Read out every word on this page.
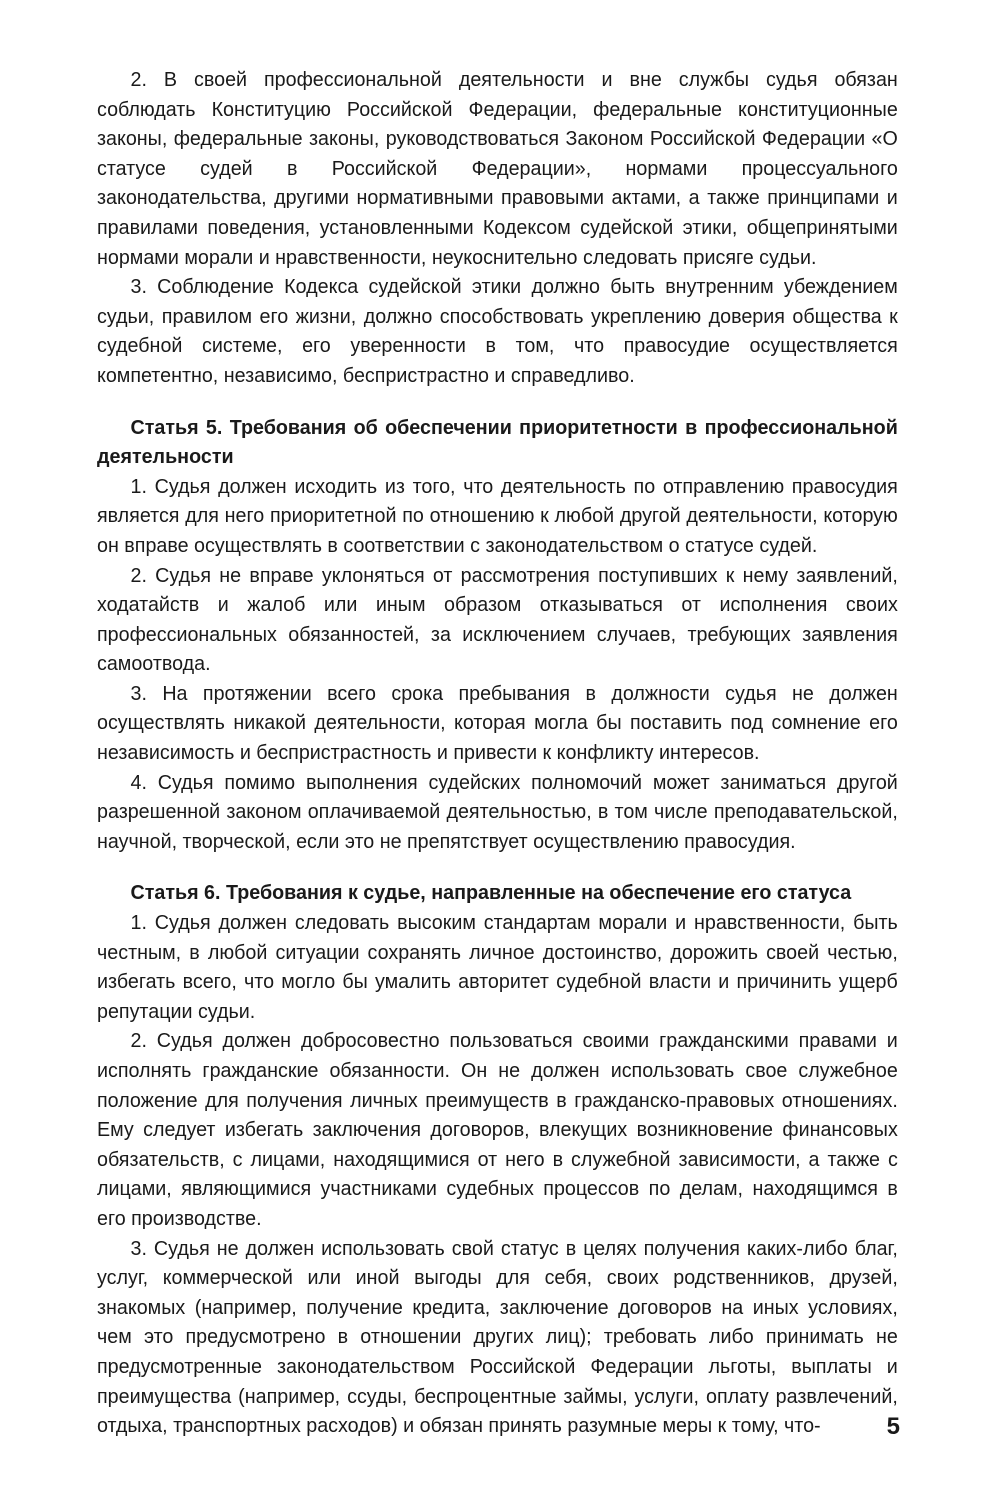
2. В своей профессиональной деятельности и вне службы судья обязан соблюдать Конституцию Российской Федерации, федеральные конституционные законы, федеральные законы, руководствоваться Законом Российской Федерации «О статусе судей в Российской Федерации», нормами процессуального законодательства, другими нормативными правовыми актами, а также принципами и правилами поведения, установленными Кодексом судейской этики, общепринятыми нормами морали и нравственности, неукоснительно следовать присяге судьи.

3. Соблюдение Кодекса судейской этики должно быть внутренним убеждением судьи, правилом его жизни, должно способствовать укреплению доверия общества к судебной системе, его уверенности в том, что правосудие осуществляется компетентно, независимо, беспристрастно и справедливо.

Статья 5. Требования об обеспечении приоритетности в профессиональной деятельности

1. Судья должен исходить из того, что деятельность по отправлению правосудия является для него приоритетной по отношению к любой другой деятельности, которую он вправе осуществлять в соответствии с законодательством о статусе судей.

2. Судья не вправе уклоняться от рассмотрения поступивших к нему заявлений, ходатайств и жалоб или иным образом отказываться от исполнения своих профессиональных обязанностей, за исключением случаев, требующих заявления самоотвода.

3. На протяжении всего срока пребывания в должности судья не должен осуществлять никакой деятельности, которая могла бы поставить под сомнение его независимость и беспристрастность и привести к конфликту интересов.

4. Судья помимо выполнения судейских полномочий может заниматься другой разрешенной законом оплачиваемой деятельностью, в том числе преподавательской, научной, творческой, если это не препятствует осуществлению правосудия.

Статья 6. Требования к судье, направленные на обеспечение его статуса

1. Судья должен следовать высоким стандартам морали и нравственности, быть честным, в любой ситуации сохранять личное достоинство, дорожить своей честью, избегать всего, что могло бы умалить авторитет судебной власти и причинить ущерб репутации судьи.

2. Судья должен добросовестно пользоваться своими гражданскими правами и исполнять гражданские обязанности. Он не должен использовать свое служебное положение для получения личных преимуществ в гражданско-правовых отношениях. Ему следует избегать заключения договоров, влекущих возникновение финансовых обязательств, с лицами, находящимися от него в служебной зависимости, а также с лицами, являющимися участниками судебных процессов по делам, находящимся в его производстве.

3. Судья не должен использовать свой статус в целях получения каких-либо благ, услуг, коммерческой или иной выгоды для себя, своих родственников, друзей, знакомых (например, получение кредита, заключение договоров на иных условиях, чем это предусмотрено в отношении других лиц); требовать либо принимать не предусмотренные законодательством Российской Федерации льготы, выплаты и преимущества (например, ссуды, беспроцентные займы, услуги, оплату развлечений, отдыха, транспортных расходов) и обязан принять разумные меры к тому, что-	5
